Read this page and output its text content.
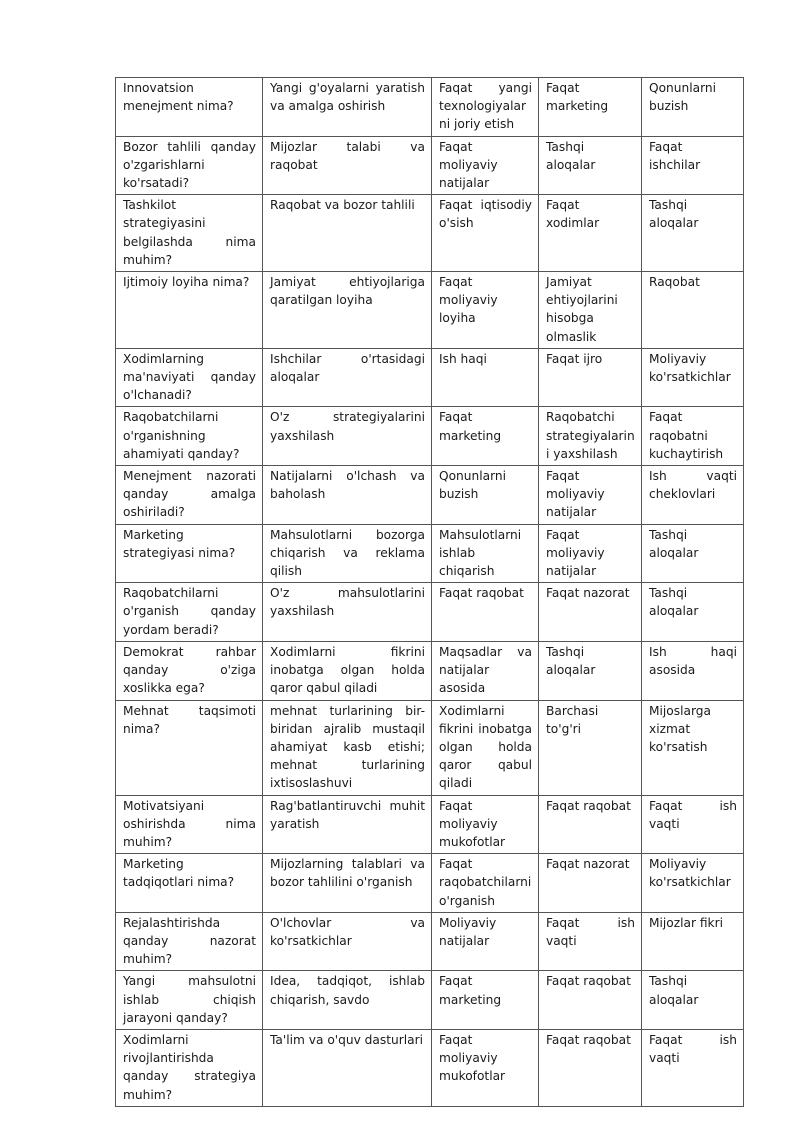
Innovatsion menejment nima?	Yangi g'oyalarni yaratish va amalga oshirish	Faqat yangi texnologiyalar ni joriy etish	Faqat marketing	Qonunlarni buzish
Bozor tahlili qanday o'zgarishlarni ko'rsatadi?	Mijozlar talabi va raqobat	Faqat moliyaviy natijalar	Tashqi aloqalar	Faqat ishchilar
Tashkilot strategiyasini belgilashda nima muhim?	Raqobat va bozor tahlili	Faqat iqtisodiy o'sish	Faqat xodimlar	Tashqi aloqalar
Ijtimoiy loyiha nima?	Jamiyat ehtiyojlariga qaratilgan loyiha	Faqat moliyaviy loyiha	Jamiyat ehtiyojlarini hisobga olmaslik	Raqobat
Xodimlarning ma'naviyati qanday o'lchanadi?	Ishchilar o'rtasidagi aloqalar	Ish haqi	Faqat ijro	Moliyaviy ko'rsatkichlar
Raqobatchilarni o'rganishning ahamiyati qanday?	O'z strategiyalarini yaxshilash	Faqat marketing	Raqobatchi strategiyalarin i yaxshilash	Faqat raqobatni kuchaytirish
Menejment nazorati qanday amalga oshiriladi?	Natijalarni o'lchash va baholash	Qonunlarni buzish	Faqat moliyaviy natijalar	Ish vaqti cheklovlari
Marketing strategiyasi nima?	Mahsulotlarni bozorga chiqarish va reklama qilish	Mahsulotlarni ishlab chiqarish	Faqat moliyaviy natijalar	Tashqi aloqalar
Raqobatchilarni o'rganish qanday yordam beradi?	O'z mahsulotlarini yaxshilash	Faqat raqobat	Faqat nazorat	Tashqi aloqalar
Demokrat rahbar qanday o'ziga xoslikka ega?	Xodimlarni fikrini inobatga olgan holda qaror qabul qiladi	Maqsadlar va natijalar asosida	Tashqi aloqalar	Ish haqi asosida
Mehnat taqsimoti nima?	mehnat turlarining bir-biridan ajralib mustaqil ahamiyat kasb etishi; mehnat turlarining ixtisoslashuvi	Xodimlarni fikrini inobatga olgan holda qaror qabul qiladi	Barchasi to'g'ri	Mijoslarga xizmat ko'rsatish
Motivatsiyani oshirishda nima muhim?	Rag'batlantiruvchi muhit yaratish	Faqat moliyaviy mukofotlar	Faqat raqobat	Faqat ish vaqti
Marketing tadqiqotlari nima?	Mijozlarning talablari va bozor tahlilini o'rganish	Faqat raqobatchilarni o'rganish	Faqat nazorat	Moliyaviy ko'rsatkichlar
Rejalashtirishda qanday nazorat muhim?	O'lchovlar va ko'rsatkichlar	Moliyaviy natijalar	Faqat ish vaqti	Mijozlar fikri
Yangi mahsulotni ishlab chiqish jarayoni qanday?	Idea, tadqiqot, ishlab chiqarish, savdo	Faqat marketing	Faqat raqobat	Tashqi aloqalar
Xodimlarni rivojlantirishda qanday strategiya muhim?	Ta'lim va o'quv dasturlari	Faqat moliyaviy mukofotlar	Faqat raqobat	Faqat ish vaqti
